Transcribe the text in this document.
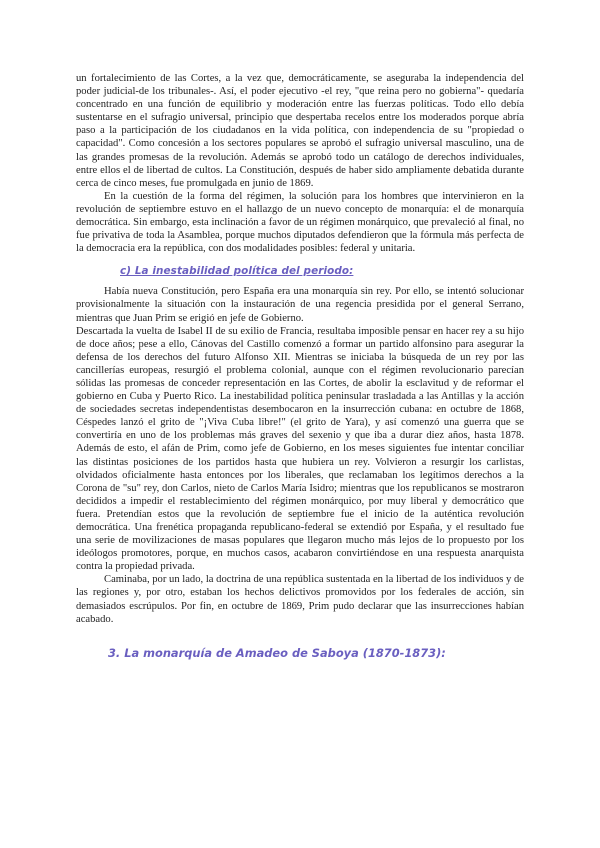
un fortalecimiento de las Cortes, a la vez que, democráticamente, se aseguraba la independencia del poder judicial-de los tribunales-. Así, el poder ejecutivo -el rey, "que reina pero no gobierna"- quedaría concentrado en una función de equilibrio y moderación entre las fuerzas políticas. Todo ello debía sustentarse en el sufragio universal, principio que despertaba recelos entre los moderados porque abría paso a la participación de los ciudadanos en la vida política, con independencia de su "propiedad o capacidad". Como concesión a los sectores populares se aprobó el sufragio universal masculino, una de las grandes promesas de la revolución. Además se aprobó todo un catálogo de derechos individuales, entre ellos el de libertad de cultos. La Constitución, después de haber sido ampliamente debatida durante cerca de cinco meses, fue promulgada en junio de 1869.

En la cuestión de la forma del régimen, la solución para los hombres que intervinieron en la revolución de septiembre estuvo en el hallazgo de un nuevo concepto de monarquía: el de monarquía democrática. Sin embargo, esta inclinación a favor de un régimen monárquico, que prevaleció al final, no fue privativa de toda la Asamblea, porque muchos diputados defendieron que la fórmula más perfecta de la democracia era la república, con dos modalidades posibles: federal y unitaria.

c) La inestabilidad política del periodo:

Había nueva Constitución, pero España era una monarquía sin rey. Por ello, se intentó solucionar provisionalmente la situación con la instauración de una regencia presidida por el general Serrano, mientras que Juan Prim se erigió en jefe de Gobierno.

Descartada la vuelta de Isabel II de su exilio de Francia, resultaba imposible pensar en hacer rey a su hijo de doce años; pese a ello, Cánovas del Castillo comenzó a formar un partido alfonsino para asegurar la defensa de los derechos del futuro Alfonso XII. Mientras se iniciaba la búsqueda de un rey por las cancillerías europeas, resurgió el problema colonial, aunque con el régimen revolucionario parecían sólidas las promesas de conceder representación en las Cortes, de abolir la esclavitud y de reformar el gobierno en Cuba y Puerto Rico. La inestabilidad política peninsular trasladada a las Antillas y la acción de sociedades secretas independentistas desembocaron en la insurrección cubana: en octubre de 1868, Céspedes lanzó el grito de "¡Viva Cuba libre!" (el grito de Yara), y así comenzó una guerra que se convertiría en uno de los problemas más graves del sexenio y que iba a durar diez años, hasta 1878. Además de esto, el afán de Prim, como jefe de Gobierno, en los meses siguientes fue intentar conciliar las distintas posiciones de los partidos hasta que hubiera un rey. Volvieron a resurgir los carlistas, olvidados oficialmente hasta entonces por los liberales, que reclamaban los legítimos derechos a la Corona de "su" rey, don Carlos, nieto de Carlos María Isidro; mientras que los republicanos se mostraron decididos a impedir el restablecimiento del régimen monárquico, por muy liberal y democrático que fuera. Pretendían estos que la revolución de septiembre fue el inicio de la auténtica revolución democrática. Una frenética propaganda republicano-federal se extendió por España, y el resultado fue una serie de movilizaciones de masas populares que llegaron mucho más lejos de lo propuesto por los ideólogos promotores, porque, en muchos casos, acabaron convirtiéndose en una respuesta anarquista contra la propiedad privada.

Caminaba, por un lado, la doctrina de una república sustentada en la libertad de los individuos y de las regiones y, por otro, estaban los hechos delictivos promovidos por los federales de acción, sin demasiados escrúpulos. Por fin, en octubre de 1869, Prim pudo declarar que las insurrecciones habían acabado.

3. La monarquía de Amadeo de Saboya (1870-1873):
